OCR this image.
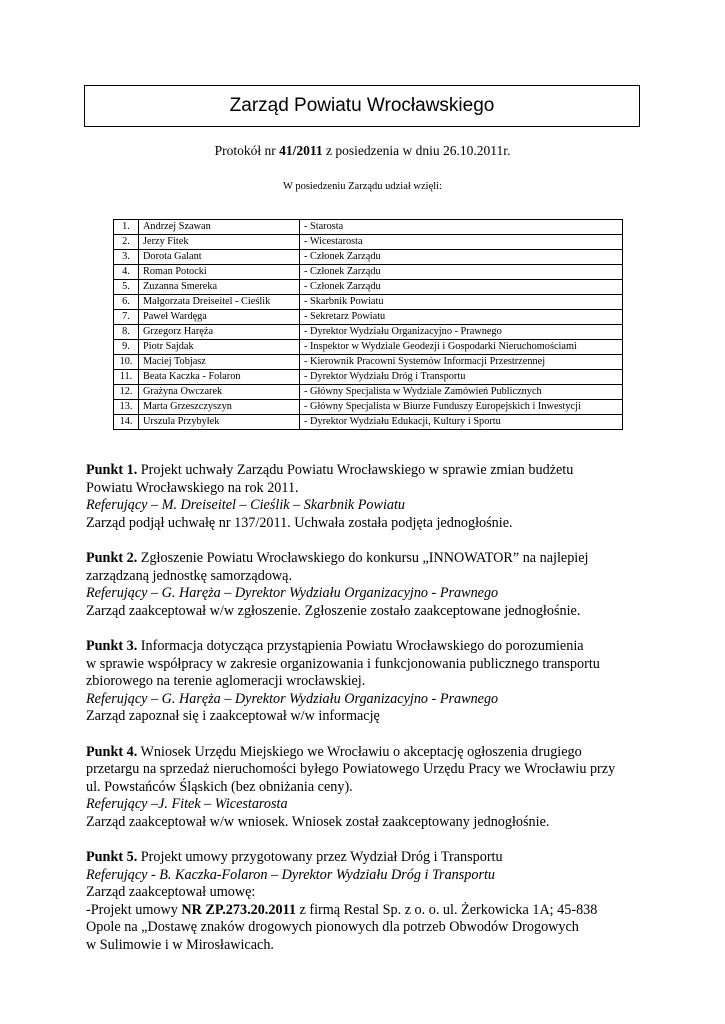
Zarząd Powiatu Wrocławskiego
Protokół nr 41/2011 z posiedzenia w dniu 26.10.2011r.
W posiedzeniu Zarządu udział wzięli:
1.	Andrzej Szawan	- Starosta
2.	Jerzy Fitek	- Wicestarosta
3.	Dorota Galant	- Członek Zarządu
4.	Roman Potocki	- Członek Zarządu
5.	Zuzanna Smereka	- Członek Zarządu
6.	Małgorzata Dreiseitel - Cieślik	- Skarbnik Powiatu
7.	Paweł Wardęga	- Sekretarz Powiatu
8.	Grzegorz Haręża	- Dyrektor Wydziału Organizacyjno - Prawnego
9.	Piotr Sajdak	- Inspektor w Wydziale Geodezji i Gospodarki Nieruchomościami
10.	Maciej Tobjasz	- Kierownik Pracowni Systemów Informacji Przestrzennej
11.	Beata Kaczka - Folaron	- Dyrektor Wydziału Dróg i Transportu
12.	Grażyna Owczarek	- Główny Specjalista w Wydziale Zamówień Publicznych
13.	Marta Grzeszczyszyn	- Główny Specjalista w Biurze Funduszy Europejskich i Inwestycji
14.	Urszula Przybyłek	- Dyrektor Wydziału Edukacji, Kultury i Sportu

Punkt 1. Projekt uchwały Zarządu Powiatu Wrocławskiego w sprawie zmian budżetu

Powiatu Wrocławskiego na rok 2011.

Referujący – M. Dreiseitel – Cieślik – Skarbnik Powiatu

Zarząd podjął uchwałę nr 137/2011. Uchwała została podjęta jednogłośnie.

Punkt 2. Zgłoszenie Powiatu Wrocławskiego do konkursu „INNOWATOR” na najlepiej

zarządzaną jednostkę samorządową.

Referujący – G. Haręża – Dyrektor Wydziału Organizacyjno - Prawnego

Zarząd zaakceptował w/w zgłoszenie. Zgłoszenie zostało zaakceptowane jednogłośnie.

Punkt 3. Informacja dotycząca przystąpienia Powiatu Wrocławskiego do porozumienia

w sprawie współpracy w zakresie organizowania i funkcjonowania publicznego transportu

zbiorowego na terenie aglomeracji wrocławskiej.

Referujący – G. Haręża – Dyrektor Wydziału Organizacyjno - Prawnego

Zarząd zapoznał się i zaakceptował w/w informację

Punkt 4. Wniosek Urzędu Miejskiego we Wrocławiu o akceptację ogłoszenia drugiego

przetargu na sprzedaż nieruchomości byłego Powiatowego Urzędu Pracy we Wrocławiu przy

ul. Powstańców Śląskich (bez obniżania ceny).

Referujący –J. Fitek – Wicestarosta

Zarząd zaakceptował w/w wniosek. Wniosek został zaakceptowany jednogłośnie.

Punkt 5. Projekt umowy przygotowany przez Wydział Dróg i Transportu

Referujący - B. Kaczka-Folaron – Dyrektor Wydziału Dróg i Transportu

Zarząd zaakceptował umowę:

-Projekt umowy NR ZP.273.20.2011 z firmą Restal Sp. z o. o. ul. Żerkowicka 1A; 45-838

Opole na „Dostawę znaków drogowych pionowych dla potrzeb Obwodów Drogowych

w Sulimowie i w Mirosławicach.
